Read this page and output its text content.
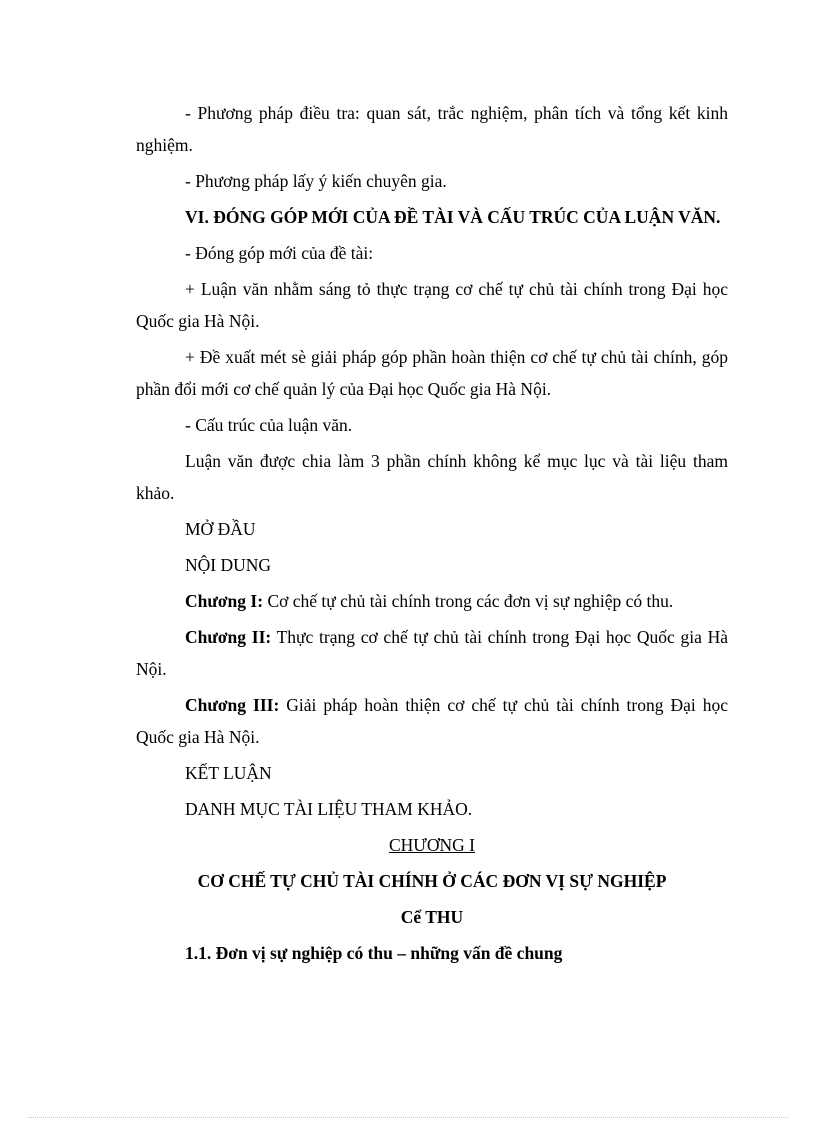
- Phương pháp điều tra: quan sát, trắc nghiệm, phân tích và tổng kết kinh nghiệm.

- Phương pháp lấy ý kiến chuyên gia.

VI. ĐÓNG GÓP MỚI CỦA ĐỀ TÀI VÀ CẤU TRÚC CỦA LUẬN VĂN.

- Đóng góp mới của đề tài:

+ Luận văn nhằm sáng tỏ thực trạng cơ chế tự chủ tài chính trong Đại học Quốc gia Hà Nội.

+ Đề xuất mét sè giải pháp góp phần hoàn thiện cơ chế tự chủ tài chính, góp phần đổi mới cơ chế quản lý của Đại học Quốc gia Hà Nội.

- Cấu trúc của luận văn.

Luận văn được chia làm 3 phần chính không kể mục lục và tài liệu tham khảo.

MỞ ĐẦU

NỘI DUNG

Chương I: Cơ chế tự chủ tài chính trong các đơn vị sự nghiệp có thu.

Chương II: Thực trạng cơ chế tự chủ tài chính trong Đại học Quốc gia Hà Nội.

Chương III: Giải pháp hoàn thiện cơ chế tự chủ tài chính trong Đại học Quốc gia Hà Nội.

KẾT LUẬN

DANH MỤC TÀI LIỆU THAM KHẢO.

CHƯƠNG I

CƠ CHẾ TỰ CHỦ TÀI CHÍNH Ở CÁC ĐƠN VỊ SỰ NGHIỆP

Cể THU

1.1. Đơn vị sự nghiệp có thu – những vấn đề chung
